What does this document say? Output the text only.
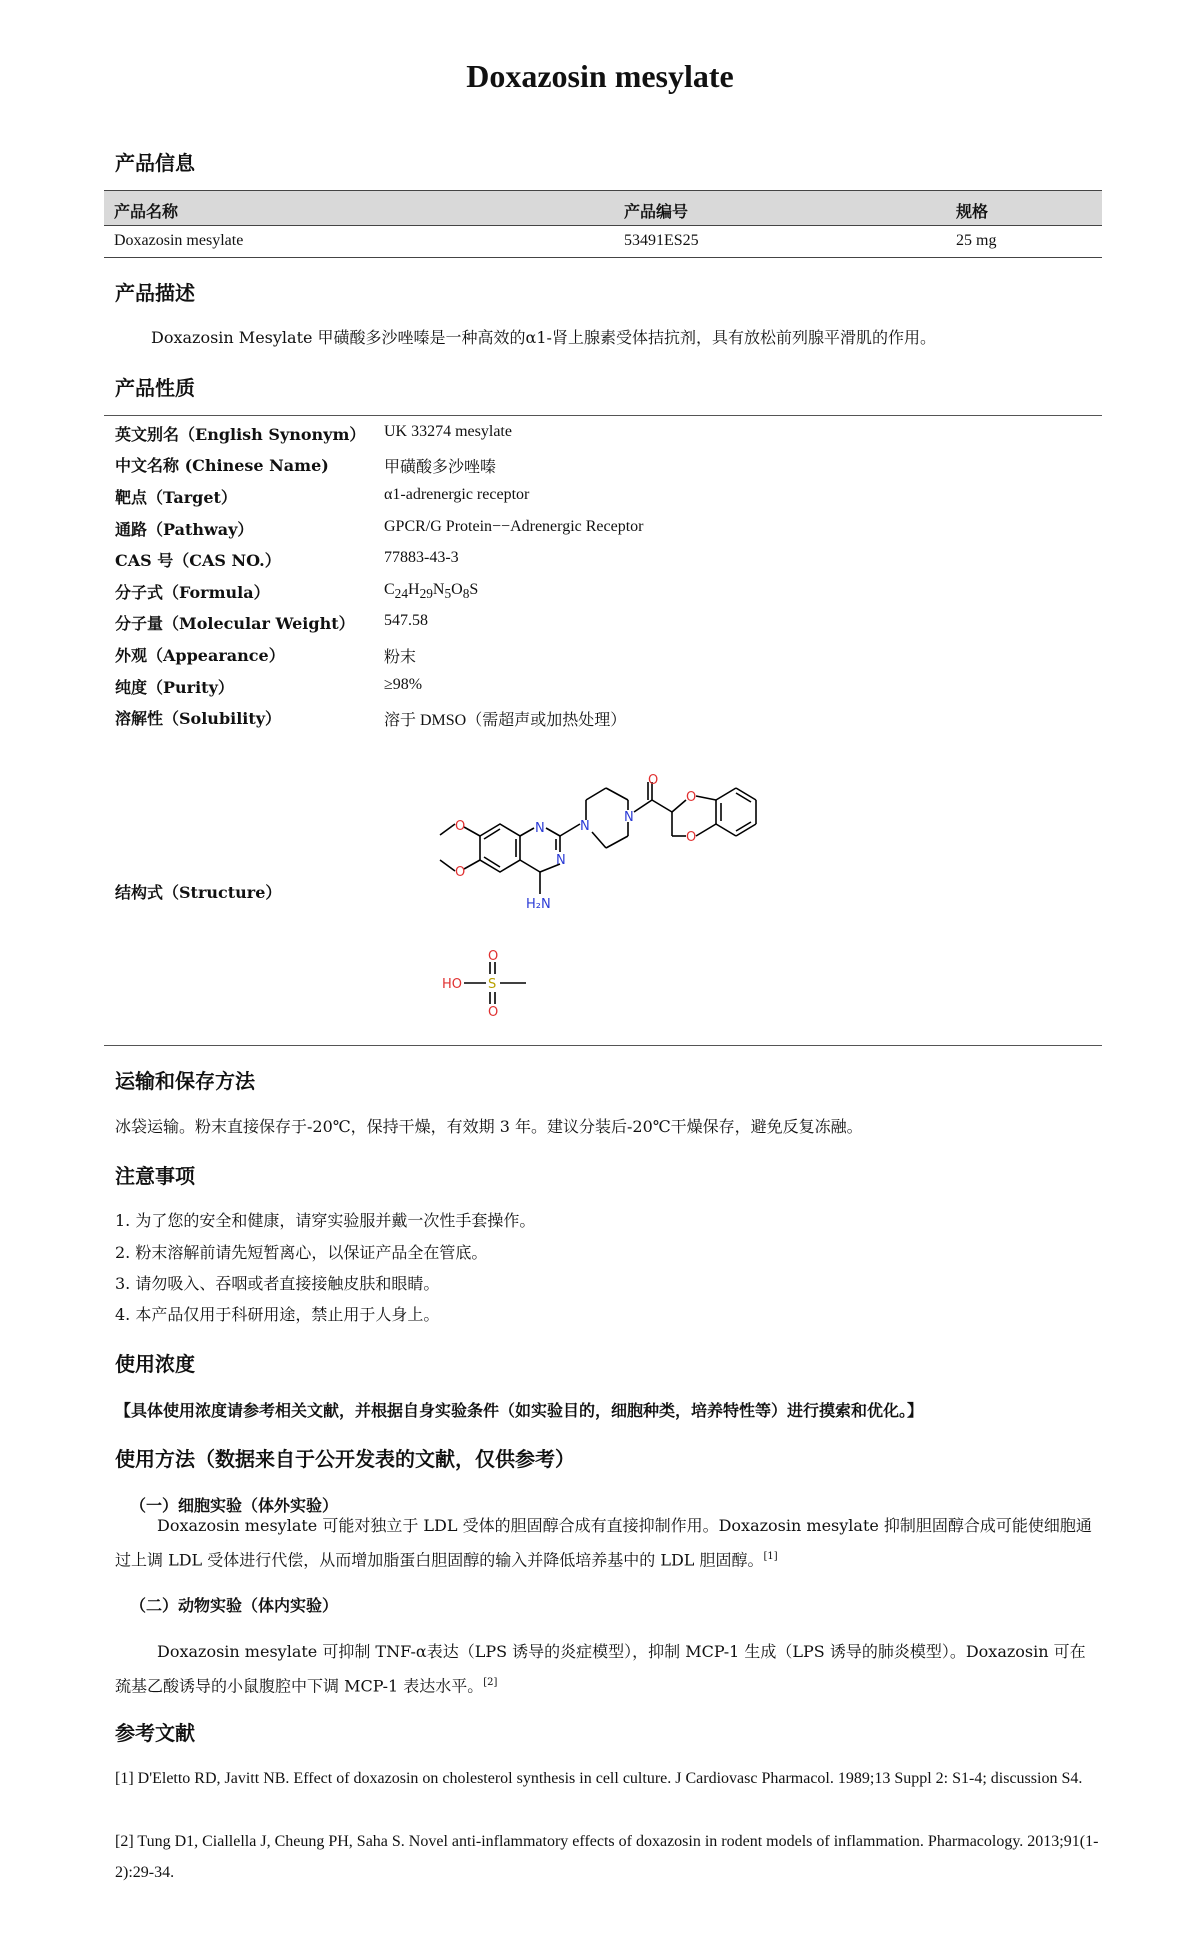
Doxazosin mesylate
产品信息
产品名称	产品编号	规格
Doxazosin mesylate	53491ES25	25 mg
产品描述
Doxazosin Mesylate 甲磺酸多沙唑嗪是一种高效的α1-肾上腺素受体拮抗剂，具有放松前列腺平滑肌的作用。
产品性质
英文别名（English Synonym） UK 33274 mesylate
中文名称 (Chinese Name)	甲磺酸多沙唑嗪
靶点（Target）	α1-adrenergic receptor
通路（Pathway）	GPCR/G Protein−−Adrenergic Receptor
CAS 号（CAS NO.）	77883-43-3
分子式（Formula）	$C_{24}H_{29}N_5O_8S$
分子量（Molecular Weight） 547.58
外观（Appearance）	粉末
纯度（Purity）	≥98%
溶解性（Solubility）	溶于 DMSO（需超声或加热处理）
结构式（Structure）
O
N
N
O
O
N
N
O
O
H₂N
HO S
O
O
运输和保存方法
冰袋运输。粉末直接保存于-20℃，保持干燥，有效期 3 年。建议分装后-20℃干燥保存，避免反复冻融。
注意事项
1. 为了您的安全和健康，请穿实验服并戴一次性手套操作。
2. 粉末溶解前请先短暂离心，以保证产品全在管底。
3. 请勿吸入、吞咽或者直接接触皮肤和眼睛。
4. 本产品仅用于科研用途，禁止用于人身上。
使用浓度
【具体使用浓度请参考相关文献，并根据自身实验条件（如实验目的，细胞种类，培养特性等）进行摸索和优化。】
使用方法（数据来自于公开发表的文献，仅供参考）
（一）细胞实验（体外实验）
Doxazosin mesylate 可能对独立于 LDL 受体的胆固醇合成有直接抑制作用。Doxazosin mesylate 抑制胆固醇合成可能使细胞通过上调 LDL 受体进行代偿，从而增加脂蛋白胆固醇的输入并降低培养基中的 LDL 胆固醇。[1]
（二）动物实验（体内实验）
Doxazosin mesylate 可抑制 TNF-α表达（LPS 诱导的炎症模型），抑制 MCP-1 生成（LPS 诱导的肺炎模型）。Doxazosin 可在巯基乙酸诱导的小鼠腹腔中下调 MCP-1 表达水平。[2]
参考文献
[1] D'Eletto RD, Javitt NB. Effect of doxazosin on cholesterol synthesis in cell culture. J Cardiovasc Pharmacol. 1989;13 Suppl 2: S1-4; discussion S4.
[2] Tung D1, Ciallella J, Cheung PH, Saha S. Novel anti-inflammatory effects of doxazosin in rodent models of inflammation. Pharmacology. 2013;91(1-2):29-34.
